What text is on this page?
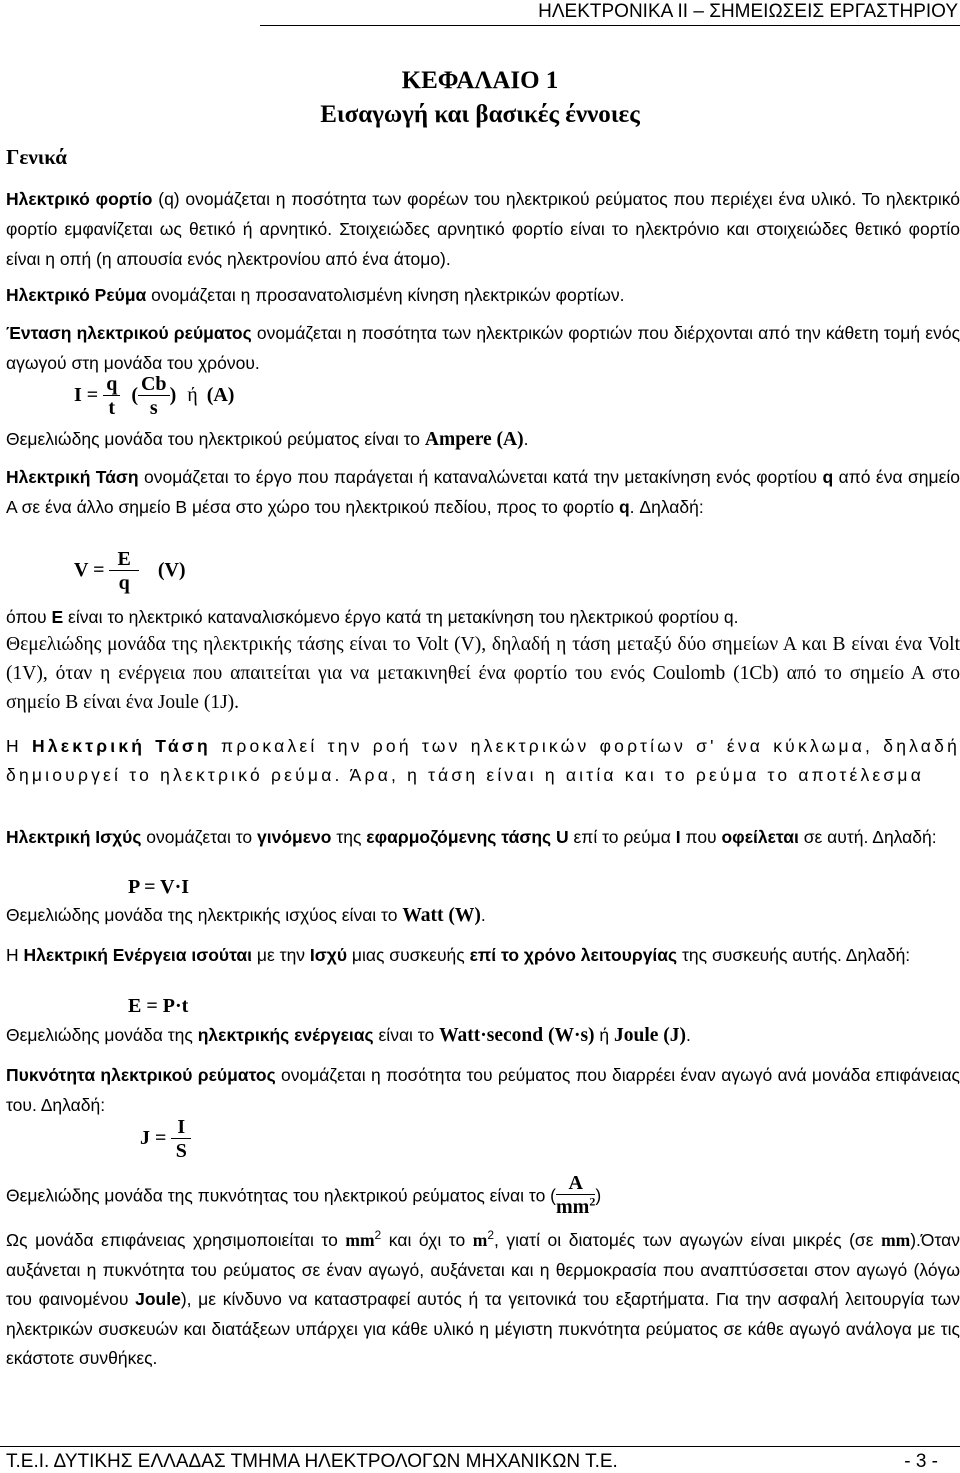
ΗΛΕΚΤΡΟΝΙΚΑ ΙΙ – ΣΗΜΕΙΩΣΕΙΣ ΕΡΓΑΣΤΗΡΙΟΥ
ΚΕΦΑΛΑΙΟ 1
Εισαγωγή και βασικές έννοιες
Γενικά
Ηλεκτρικό φορτίο (q) ονομάζεται η ποσότητα των φορέων του ηλεκτρικού ρεύματος που περιέχει ένα υλικό. Το ηλεκτρικό φορτίο εμφανίζεται ως θετικό ή αρνητικό. Στοιχειώδες αρνητικό φορτίο είναι το ηλεκτρόνιο και στοιχειώδες θετικό φορτίο είναι η οπή (η απουσία ενός ηλεκτρονίου από ένα άτομο).
Ηλεκτρικό Ρεύμα ονομάζεται η προσανατολισμένη κίνηση ηλεκτρικών φορτίων.
Ένταση ηλεκτρικού ρεύματος ονομάζεται η ποσότητα των ηλεκτρικών φορτιών που διέρχονται από την κάθετη τομή ενός αγωγού στη μονάδα του χρόνου.
$I = \frac{q}{t}$ ( $\frac{Cb}{s}$ ) ή (A)
Θεμελιώδης μονάδα του ηλεκτρικού ρεύματος είναι το Ampere (A).
Ηλεκτρική Τάση ονομάζεται το έργο που παράγεται ή καταναλώνεται κατά την μετακίνηση ενός φορτίου q από ένα σημείο Α σε ένα άλλο σημείο Β μέσα στο χώρο του ηλεκτρικού πεδίου, προς το φορτίο q. Δηλαδή:
$V = \frac{E}{q} (V)$
όπου E είναι το ηλεκτρικό καταναλισκόμενο έργο κατά τη μετακίνηση του ηλεκτρικού φορτίου q.
Θεμελιώδης μονάδα της ηλεκτρικής τάσης είναι το Volt (V), δηλαδή η τάση μεταξύ δύο σημείων Α και Β είναι ένα Volt (1V), όταν η ενέργεια που απαιτείται για να μετακινηθεί ένα φορτίο του ενός Coulomb (1Cb) από το σημείο Α στο σημείο Β είναι ένα Joule (1J).
Η Ηλεκτρική Τάση προκαλεί την ροή των ηλεκτρικών φορτίων σ' ένα κύκλωμα, δηλαδή δημιουργεί το ηλεκτρικό ρεύμα. Άρα, η τάση είναι η αιτία και το ρεύμα το αποτέλεσμα
Ηλεκτρική Ισχύς ονομάζεται το γινόμενο της εφαρμοζόμενης τάσης U επί το ρεύμα I που οφείλεται σε αυτή. Δηλαδή:
P = V·I
Θεμελιώδης μονάδα της ηλεκτρικής ισχύος είναι το Watt (W).
Η Ηλεκτρική Ενέργεια ισούται με την Ισχύ μιας συσκευής επί το χρόνο λειτουργίας της συσκευής αυτής. Δηλαδή:
E = P·t
Θεμελιώδης μονάδα της ηλεκτρικής ενέργειας είναι το Watt·second (W·s) ή Joule (J).
Πυκνότητα ηλεκτρικού ρεύματος ονομάζεται η ποσότητα του ρεύματος που διαρρέει έναν αγωγό ανά μονάδα επιφάνειας του. Δηλαδή:
$J = \frac{I}{S}$
Θεμελιώδης μονάδα της πυκνότητας του ηλεκτρικού ρεύματος είναι το ( $\frac{A}{mm^2}$ )
Ως μονάδα επιφάνειας χρησιμοποιείται το $mm^2$ και όχι το $m^2$, γιατί οι διατομές των αγωγών είναι μικρές (σε mm).Όταν αυξάνεται η πυκνότητα του ρεύματος σε έναν αγωγό, αυξάνεται και η θερμοκρασία που αναπτύσσεται στον αγωγό (λόγω του φαινομένου Joule), με κίνδυνο να καταστραφεί αυτός ή τα γειτονικά του εξαρτήματα. Για την ασφαλή λειτουργία των ηλεκτρικών συσκευών και διατάξεων υπάρχει για κάθε υλικό η μέγιστη πυκνότητα ρεύματος σε κάθε αγωγό ανάλογα με τις εκάστοτε συνθήκες.
Τ.Ε.Ι. ΔΥΤΙΚΗΣ ΕΛΛΑΔΑΣ ΤΜΗΜΑ ΗΛΕΚΤΡΟΛΟΓΩΝ ΜΗΧΑΝΙΚΩΝ Τ.Ε.	- 3 -
